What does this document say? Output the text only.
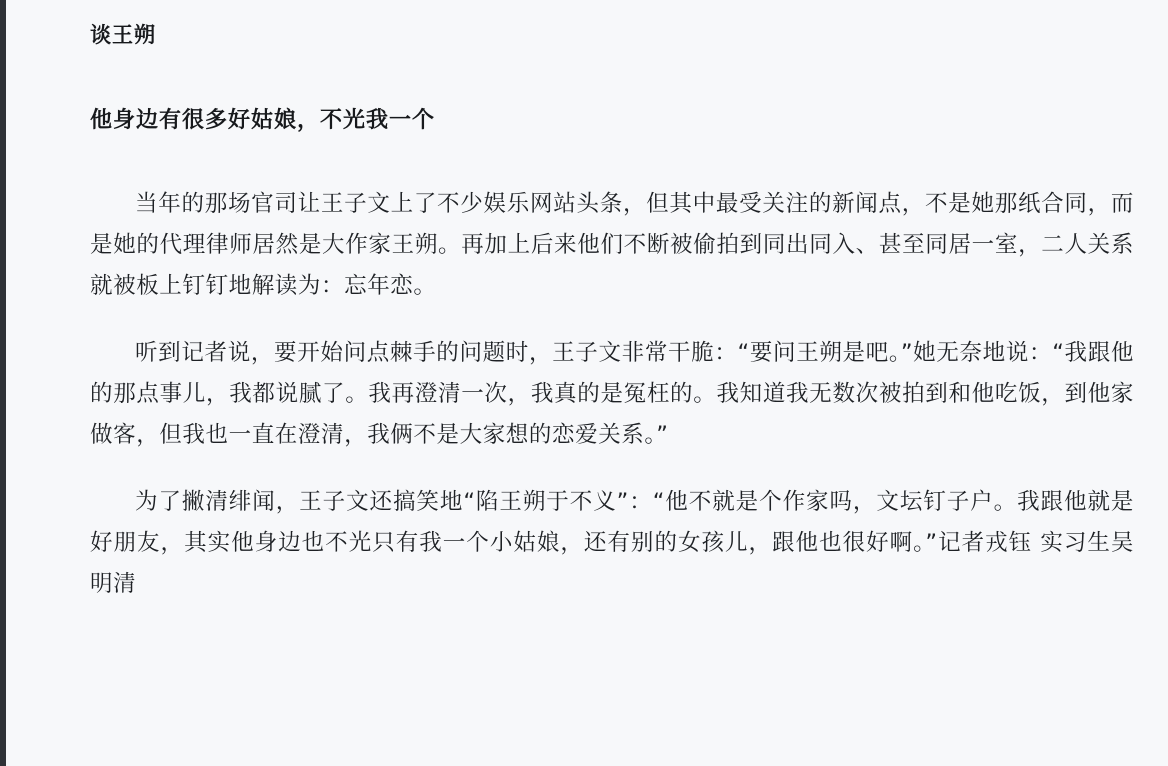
谈王朔
他身边有很多好姑娘，不光我一个

当年的那场官司让王子文上了不少娱乐网站头条，但其中最受关注的新闻点，不是她那纸合同，而是她的代理律师居然是大作家王朔。再加上后来他们不断被偷拍到同出同入、甚至同居一室，二人关系就被板上钉钉地解读为：忘年恋。

听到记者说，要开始问点棘手的问题时，王子文非常干脆：“要问王朔是吧。”她无奈地说：“我跟他的那点事儿，我都说腻了。我再澄清一次，我真的是冤枉的。我知道我无数次被拍到和他吃饭，到他家做客，但我也一直在澄清，我俩不是大家想的恋爱关系。”

为了撇清绯闻，王子文还搞笑地“陷王朔于不义”：“他不就是个作家吗，文坛钉子户。我跟他就是好朋友，其实他身边也不光只有我一个小姑娘，还有别的女孩儿，跟他也很好啊。”记者戎钰 实习生吴明清
